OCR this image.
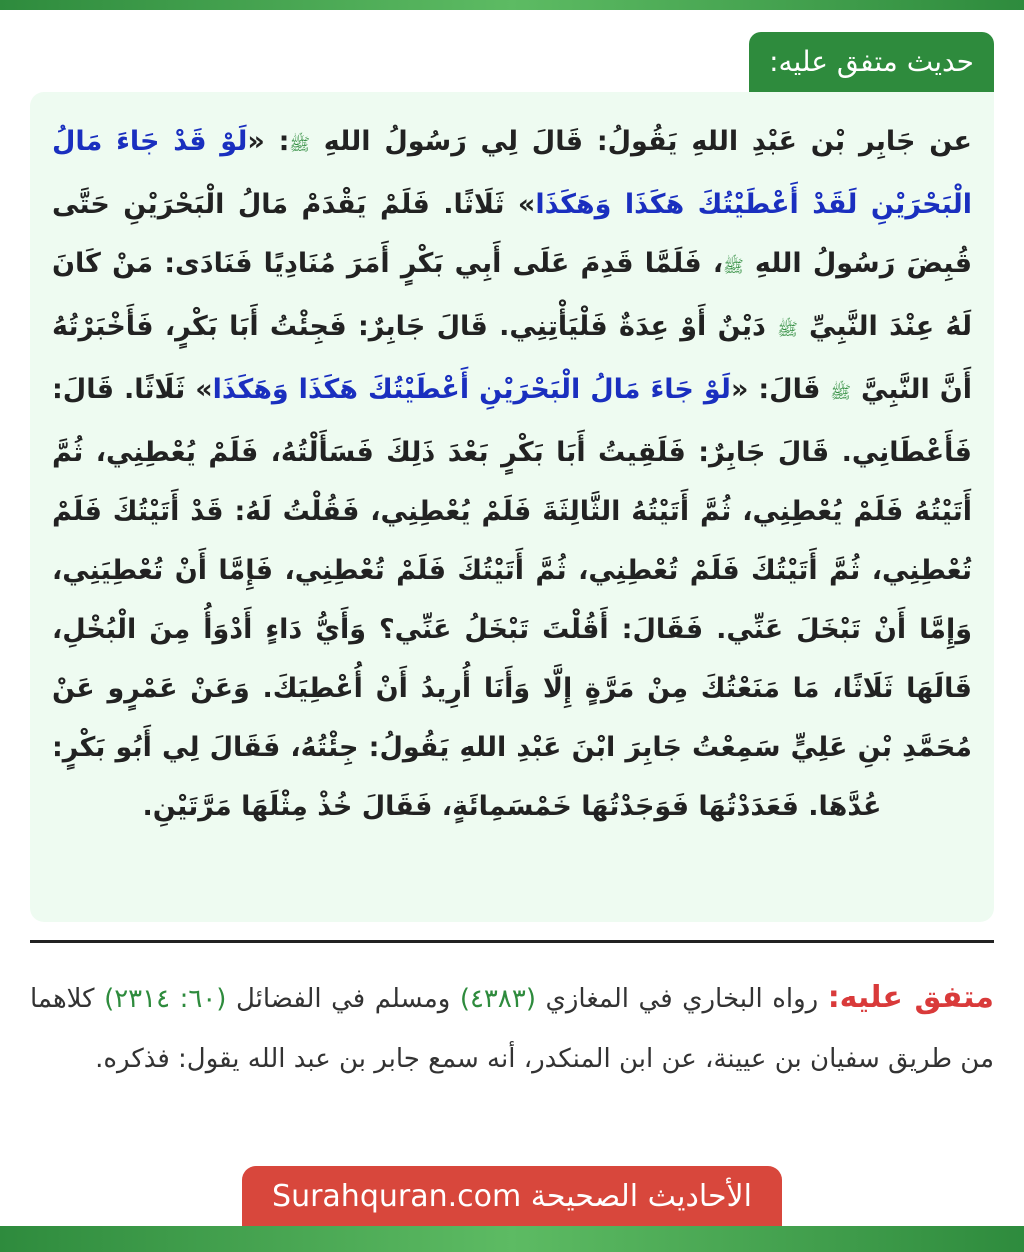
حديث متفق عليه:
عن جَابِر بْن عَبْدِ اللهِ يَقُولُ: قَالَ لِي رَسُولُ اللهِ ﷺ: «لَوْ قَدْ جَاءَ مَالُ الْبَحْرَيْنِ لَقَدْ أَعْطَيْتُكَ هَكَذَا وَهَكَذَا» ثَلَاثًا. فَلَمْ يَقْدَمْ مَالُ الْبَحْرَيْنِ حَتَّى قُبِضَ رَسُولُ اللهِ ﷺ، فَلَمَّا قَدِمَ عَلَى أَبِي بَكْرٍ أَمَرَ مُنَادِيًا فَنَادَى: مَنْ كَانَ لَهُ عِنْدَ النَّبِيِّ ﷺ دَيْنٌ أَوْ عِدَةٌ فَلْيَأْتِنِي. قَالَ جَابِرٌ: فَجِئْتُ أَبَا بَكْرٍ، فَأَخْبَرْتُهُ أَنَّ النَّبِيَّ ﷺ قَالَ: «لَوْ جَاءَ مَالُ الْبَحْرَيْنِ أَعْطَيْتُكَ هَكَذَا وَهَكَذَا» ثَلَاثًا. قَالَ: فَأَعْطَانِي. قَالَ جَابِرٌ: فَلَقِيتُ أَبَا بَكْرٍ بَعْدَ ذَلِكَ فَسَأَلْتُهُ، فَلَمْ يُعْطِنِي، ثُمَّ أَتَيْتُهُ فَلَمْ يُعْطِنِي، ثُمَّ أَتَيْتُهُ الثَّالِثَةَ فَلَمْ يُعْطِنِي، فَقُلْتُ لَهُ: قَدْ أَتَيْتُكَ فَلَمْ تُعْطِنِي، ثُمَّ أَتَيْتُكَ فَلَمْ تُعْطِنِي، ثُمَّ أَتَيْتُكَ فَلَمْ تُعْطِنِي، فَإِمَّا أَنْ تُعْطِيَنِي، وَإِمَّا أَنْ تَبْخَلَ عَنِّي. فَقَالَ: أَقُلْتَ تَبْخَلُ عَنِّي؟ وَأَيُّ دَاءٍ أَدْوَأُ مِنَ الْبُخْلِ، قَالَهَا ثَلَاثًا، مَا مَنَعْتُكَ مِنْ مَرَّةٍ إِلَّا وَأَنَا أُرِيدُ أَنْ أُعْطِيَكَ. وَعَنْ عَمْرٍو عَنْ مُحَمَّدِ بْنِ عَلِيٍّ سَمِعْتُ جَابِرَ ابْنَ عَبْدِ اللهِ يَقُولُ: جِئْتُهُ، فَقَالَ لِي أَبُو بَكْرٍ: عُدَّهَا. فَعَدَدْتُهَا فَوَجَدْتُهَا خَمْسَمِائَةٍ، فَقَالَ خُذْ مِثْلَهَا مَرَّتَيْنِ.
متفق عليه: رواه البخاري في المغازي (٤٣٨٣) ومسلم في الفضائل (٦٠: ٢٣١٤) كلاهما من طريق سفيان بن عيينة، عن ابن المنكدر، أنه سمع جابر بن عبد الله يقول: فذكره.
الأحاديث الصحيحة Surahquran.com
